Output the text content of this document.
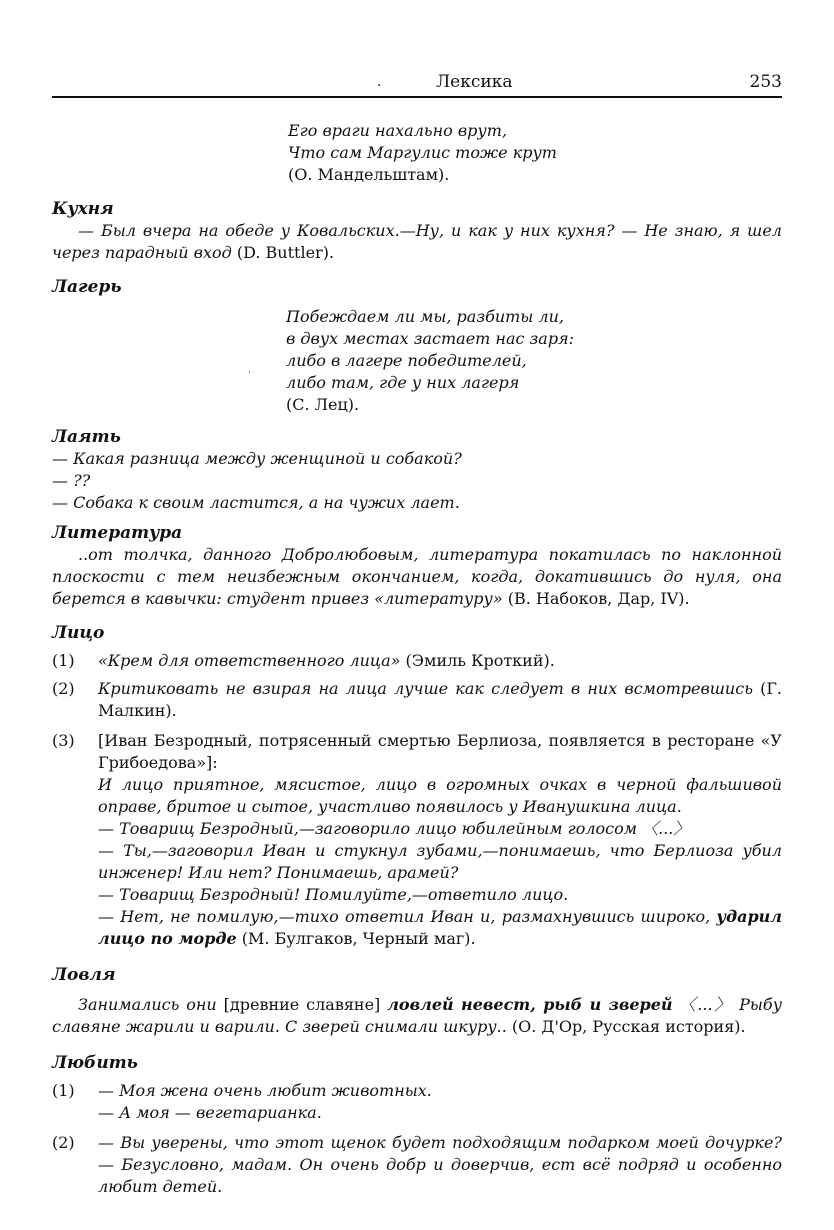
.	Лексика	253
·

Его враги нахально врут,

Что сам Маргулис тоже крут

(О. Мандельштам).

Кухня

— Был вчера на обеде у Ковальских.—Ну, и как у них кухня? — Не знаю, я шел через парадный вход (D. Buttler).

Лагерь

Побеждаем ли мы, разбиты ли,

в двух местах застает нас заря:

либо в лагере победителей,

либо там, где у них лагеря

(С. Лец).

Лаять

— Какая разница между женщиной и собакой?

— ??

— Собака к своим ластится, а на чужих лает.

Литература

..от толчка, данного Добролюбовым, литература покатилась по наклонной плоскости с тем неизбежным окончанием, когда, докатившись до нуля, она берется в кавычки: студент привез «литературу» (В. Набоков, Дар, IV).

Лицо

(1) «Крем для ответственного лица» (Эмиль Кроткий).
(2) Критиковать не взирая на лица лучше как следует в них всмотревшись (Г. Малкин).
(3) [Иван Безродный, потрясенный смертью Берлиоза, появляется в ресторане «У Грибоедова»]:

И лицо приятное, мясистое, лицо в огромных очках в черной фальшивой оправе, бритое и сытое, участливо появилось у Иванушкина лица.

— Товарищ Безродный,—заговорило лицо юбилейным голосом 〈...〉

— Ты,—заговорил Иван и стукнул зубами,—понимаешь, что Берлиоза убил инженер! Или нет? Понимаешь, арамей?

— Товарищ Безродный! Помилуйте,—ответило лицо.

— Нет, не помилую,—тихо ответил Иван и, размахнувшись широко, ударил лицо по морде (М. Булгаков, Черный маг).

Ловля

Занимались они [древние славяне] ловлей невест, рыб и зверей 〈...〉 Рыбу славяне жарили и варили. С зверей снимали шкуру.. (О. Д'Ор, Русская история).

Любить

(1) — Моя жена очень любит животных.

— А моя — вегетарианка.

(2) — Вы уверены, что этот щенок будет подходящим подарком моей дочурке? — Безусловно, мадам. Он очень добр и доверчив, ест всё подряд и особенно любит детей.
